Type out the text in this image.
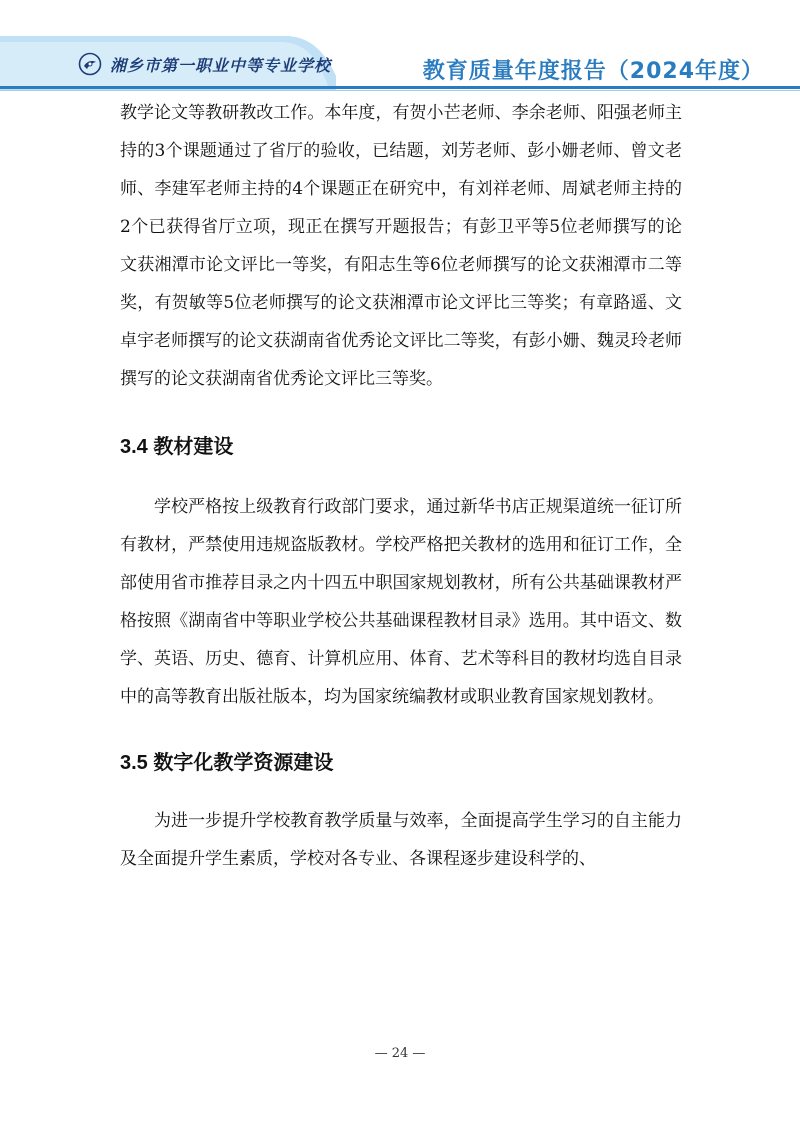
湘乡市第一职业中等专业学校	教育质量年度报告（2024年度）

教学论文等教研教改工作。本年度，有贺小芒老师、李余老师、阳强老师主持的3个课题通过了省厅的验收，已结题，刘芳老师、彭小姗老师、曾文老师、李建军老师主持的4个课题正在研究中，有刘祥老师、周斌老师主持的2个已获得省厅立项，现正在撰写开题报告；有彭卫平等5位老师撰写的论文获湘潭市论文评比一等奖，有阳志生等6位老师撰写的论文获湘潭市二等奖，有贺敏等5位老师撰写的论文获湘潭市论文评比三等奖；有章路遥、文卓宇老师撰写的论文获湖南省优秀论文评比二等奖，有彭小姗、魏灵玲老师撰写的论文获湖南省优秀论文评比三等奖。

3.4 教材建设

学校严格按上级教育行政部门要求，通过新华书店正规渠道统一征订所有教材，严禁使用违规盗版教材。学校严格把关教材的选用和征订工作，全部使用省市推荐目录之内十四五中职国家规划教材，所有公共基础课教材严格按照《湖南省中等职业学校公共基础课程教材目录》选用。其中语文、数学、英语、历史、德育、计算机应用、体育、艺术等科目的教材均选自目录中的高等教育出版社版本，均为国家统编教材或职业教育国家规划教材。

3.5 数字化教学资源建设

为进一步提升学校教育教学质量与效率，全面提高学生学习的自主能力及全面提升学生素质，学校对各专业、各课程逐步建设科学的、

— 24 —
